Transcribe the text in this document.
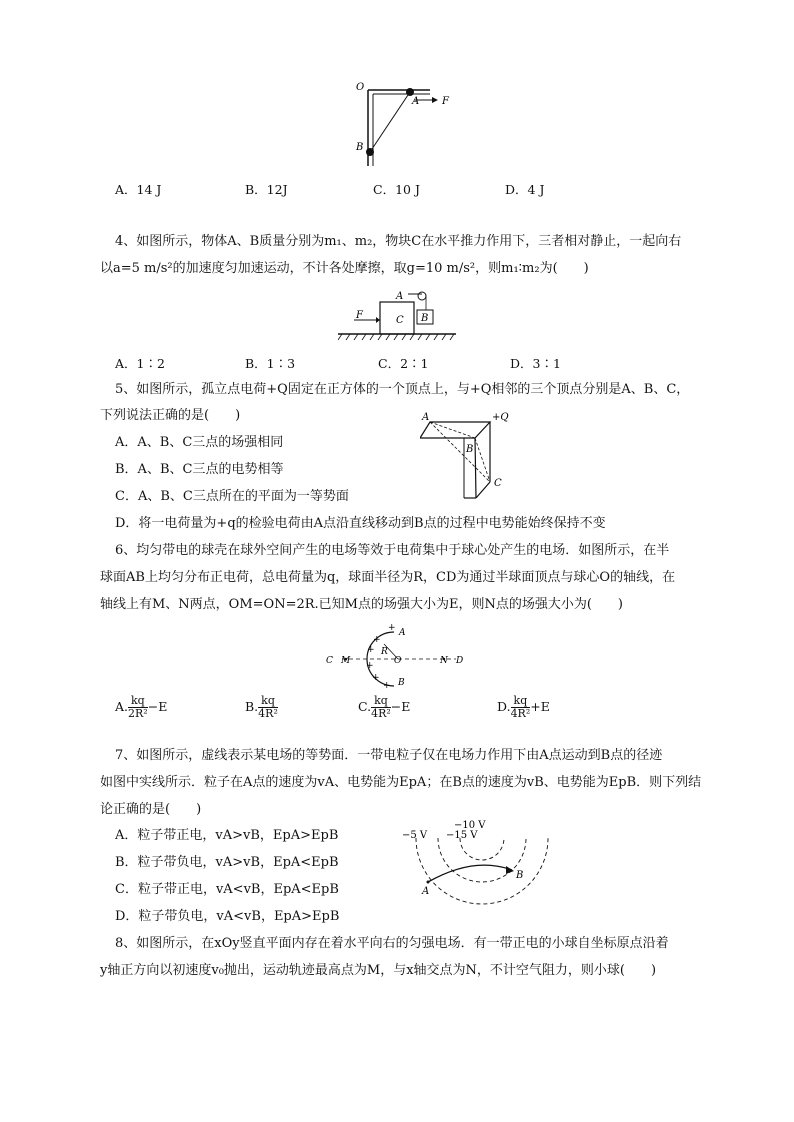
O
A F
B
A．14 J	B．12J	C．10 J	D．4 J
4、如图所示，物体A、B质量分别为m₁、m₂，物块C在水平推力作用下，三者相对静止，一起向右
以a=5 m/s²的加速度匀加速运动，不计各处摩擦，取g=10 m/s²，则m₁∶m₂为(　　)
A
F	C B
A．1∶2	B．1∶3	C．2∶1	D．3∶1
5、如图所示，孤立点电荷+Q固定在正方体的一个顶点上，与+Q相邻的三个顶点分别是A、B、C，
下列说法正确的是(　　)
A．A、B、C三点的场强相同
B．A、B、C三点的电势相等
C．A、B、C三点所在的平面为一等势面
D．将一电荷量为+q的检验电荷由A点沿直线移动到B点的过程中电势能始终保持不变
A	+Q
B
C
6、均匀带电的球壳在球外空间产生的电场等效于电荷集中于球心处产生的电场．如图所示，在半
球面AB上均匀分布正电荷，总电荷量为q，球面半径为R，CD为通过半球面顶点与球心O的轴线，在
轴线上有M、N两点，OM=ON=2R.已知M点的场强大小为E，则N点的场强大小为(　　)
C M
R
O	N D
A
B
+
+
+
+
+
+
A. $\frac{kq}{\text{2R²}} -E$	B. $\frac{kq}{\text{4R²}}$	C. $\frac{kq}{\text{4R²}} -E$	D. $\frac{kq}{\text{4R²}} +E$
7、如图所示，虚线表示某电场的等势面．一带电粒子仅在电场力作用下由A点运动到B点的径迹
如图中实线所示．粒子在A点的速度为vA、电势能为EpA；在B点的速度为vB、电势能为EpB．则下列结
论正确的是(　　)
A．粒子带正电，vA>vB，EpA>EpB
B．粒子带负电，vA>vB，EpA<EpB
C．粒子带正电，vA<vB，EpA<EpB
D．粒子带负电，vA<vB，EpA>EpB
−10 V
−5 V −15 V
A
B
8、如图所示，在xOy竖直平面内存在着水平向右的匀强电场．有一带正电的小球自坐标原点沿着
y轴正方向以初速度v₀抛出，运动轨迹最高点为M，与x轴交点为N，不计空气阻力，则小球(　　)
